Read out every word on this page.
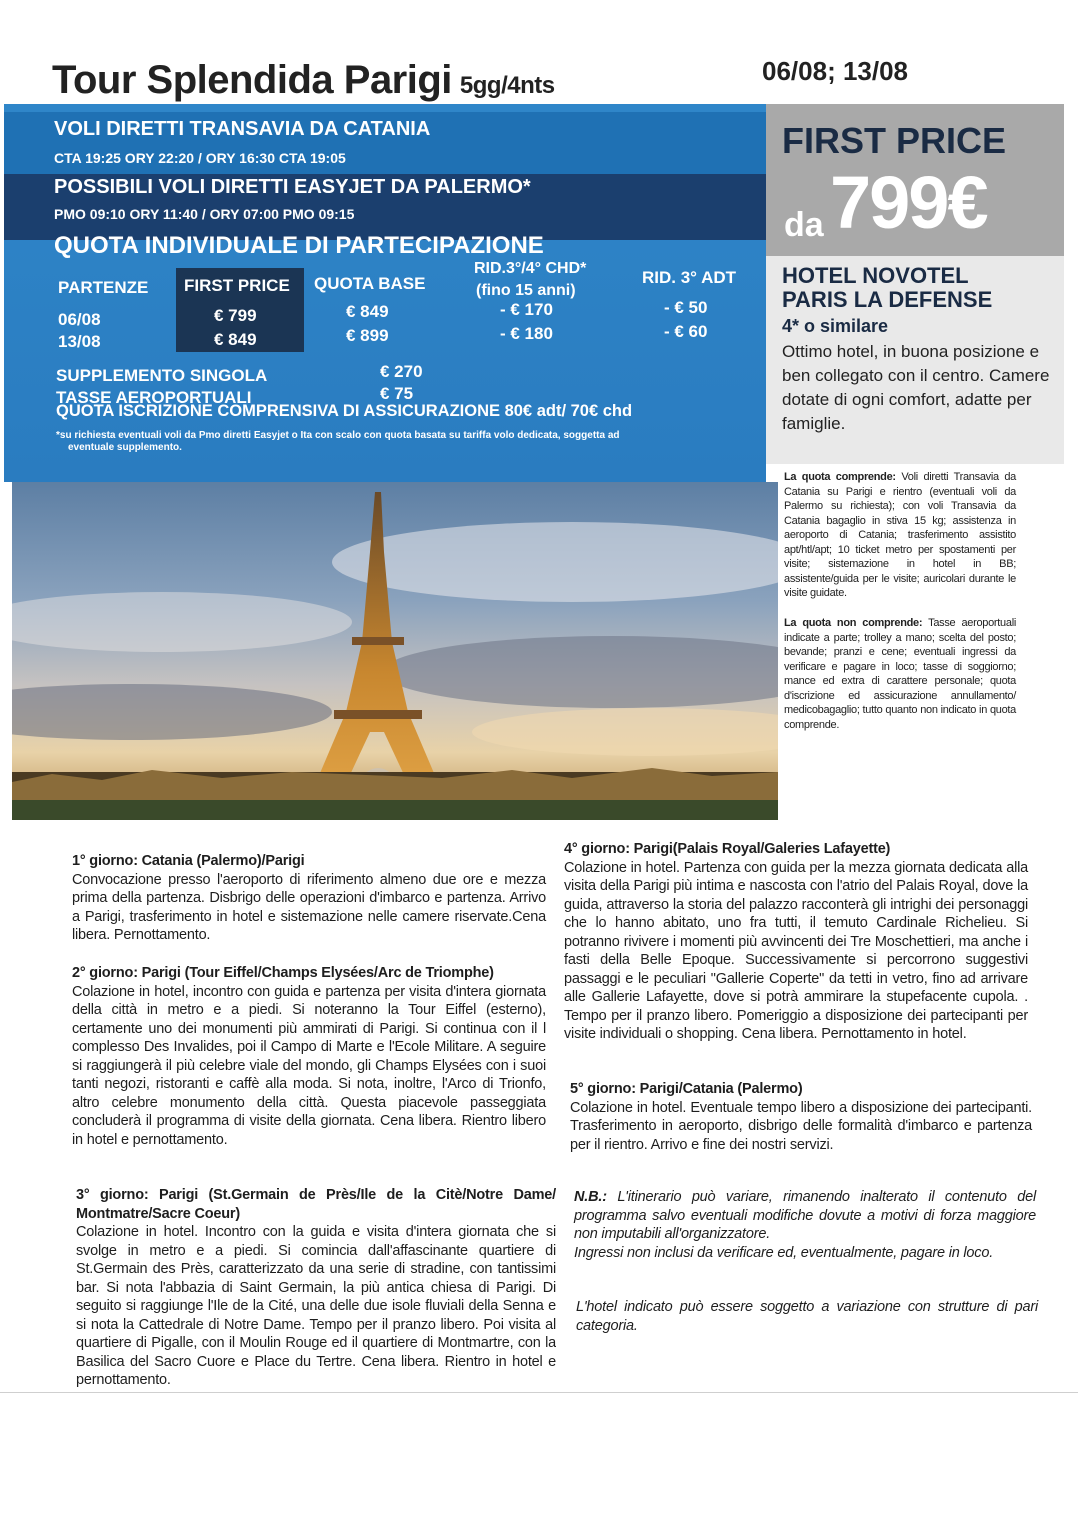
Tour Splendida Parigi 5gg/4nts	06/08; 13/08
VOLI DIRETTI TRANSAVIA DA CATANIA
CTA 19:25 ORY 22:20 / ORY 16:30 CTA 19:05
POSSIBILI VOLI DIRETTI EASYJET DA PALERMO*
PMO 09:10 ORY 11:40 / ORY 07:00 PMO 09:15
QUOTA INDIVIDUALE DI PARTECIPAZIONE
PARTENZE FIRST PRICE QUOTA BASE
RID.3°/4° CHD*
(fino 15 anni)
RID. 3° ADT
06/08	€ 799	€ 849	- € 170	- € 50
13/08	€ 849	€ 899	- € 180	- € 60
SUPPLEMENTO SINGOLA	€ 270
TASSE AEROPORTUALI	€ 75
QUOTA ISCRIZIONE COMPRENSIVA DI ASSICURAZIONE 80€ adt/ 70€ chd
*su richiesta eventuali voli da Pmo diretti Easyjet o Ita con scalo con quota basata su tariffa volo dedicata, soggetta ad
eventuale supplemento.
FIRST PRICE
da 799€
HOTEL NOVOTEL
PARIS LA DEFENSE
4* o similare
Ottimo hotel, in buona posizione e ben collegato con il centro. Camere dotate di ogni comfort, adatte per famiglie.
La quota comprende: Voli diretti Transavia da Catania su Parigi e rientro (eventuali voli da Palermo su richiesta); con voli Transavia da Catania bagaglio in stiva 15 kg; assistenza in aeroporto di Catania; trasferimento assistito apt/htl/apt; 10 ticket metro per spostamenti per visite; sistemazione in hotel in BB; assistente/guida per le visite; auricolari durante le visite guidate.
La quota non comprende: Tasse aeroportuali indicate a parte; trolley a mano; scelta del posto; bevande; pranzi e cene; eventuali ingressi da verificare e pagare in loco; tasse di soggiorno; mance ed extra di carattere personale; quota d'iscrizione ed assicurazione annullamento/ medicobagaglio; tutto quanto non indicato in quota comprende.
1° giorno: Catania (Palermo)/Parigi
Convocazione presso l'aeroporto di riferimento almeno due ore e mezza prima della partenza. Disbrigo delle operazioni d'imbarco e partenza. Arrivo a Parigi, trasferimento in hotel e sistemazione nelle camere riservate.Cena libera. Pernottamento.
2° giorno: Parigi (Tour Eiffel/Champs Elysées/Arc de Triomphe)
Colazione in hotel, incontro con guida e partenza per visita d'intera giornata della città in metro e a piedi. Si noteranno la Tour Eiffel (esterno), certamente uno dei monumenti più ammirati di Parigi. Si continua con il l complesso Des Invalides, poi il Campo di Marte e l'Ecole Militare. A seguire si raggiungerà il più celebre viale del mondo, gli Champs Elysées con i suoi tanti negozi, ristoranti e caffè alla moda. Si nota, inoltre, l'Arco di Trionfo, altro celebre monumento della città. Questa piacevole passeggiata concluderà il programma di visite della giornata. Cena libera. Rientro libero in hotel e pernottamento.
3° giorno: Parigi (St.Germain de Près/Ile de la Citè/Notre Dame/ Montmatre/Sacre Coeur)
Colazione in hotel. Incontro con la guida e visita d'intera giornata che si svolge in metro e a piedi. Si comincia dall'affascinante quartiere di St.Germain des Près, caratterizzato da una serie di stradine, con tantissimi bar. Si nota l'abbazia di Saint Germain, la più antica chiesa di Parigi. Di seguito si raggiunge l'Ile de la Cité, una delle due isole fluviali della Senna e si nota la Cattedrale di Notre Dame. Tempo per il pranzo libero. Poi visita al quartiere di Pigalle, con il Moulin Rouge ed il quartiere di Montmartre, con la Basilica del Sacro Cuore e Place du Tertre. Cena libera. Rientro in hotel e pernottamento.
4° giorno: Parigi(Palais Royal/Galeries Lafayette)
Colazione in hotel. Partenza con guida per la mezza giornata dedicata alla visita della Parigi più intima e nascosta con l'atrio del Palais Royal, dove la guida, attraverso la storia del palazzo racconterà gli intrighi dei personaggi che lo hanno abitato, uno fra tutti, il temuto Cardinale Richelieu. Si potranno rivivere i momenti più avvincenti dei Tre Moschettieri, ma anche i fasti della Belle Epoque. Successivamente si percorrono suggestivi passaggi e le peculiari "Gallerie Coperte" da tetti in vetro, fino ad arrivare alle Gallerie Lafayette, dove si potrà ammirare la stupefacente cupola. . Tempo per il pranzo libero. Pomeriggio a disposizione dei partecipanti per visite individuali o shopping. Cena libera. Pernottamento in hotel.
5° giorno: Parigi/Catania (Palermo)
Colazione in hotel. Eventuale tempo libero a disposizione dei partecipanti. Trasferimento in aeroporto, disbrigo delle formalità d'imbarco e partenza per il rientro. Arrivo e fine dei nostri servizi.
N.B.: L'itinerario può variare, rimanendo inalterato il contenuto del programma salvo eventuali modifiche dovute a motivi di forza maggiore non imputabili all'organizzatore.
Ingressi non inclusi da verificare ed, eventualmente, pagare in loco.
L'hotel indicato può essere soggetto a variazione con strutture di pari categoria.
